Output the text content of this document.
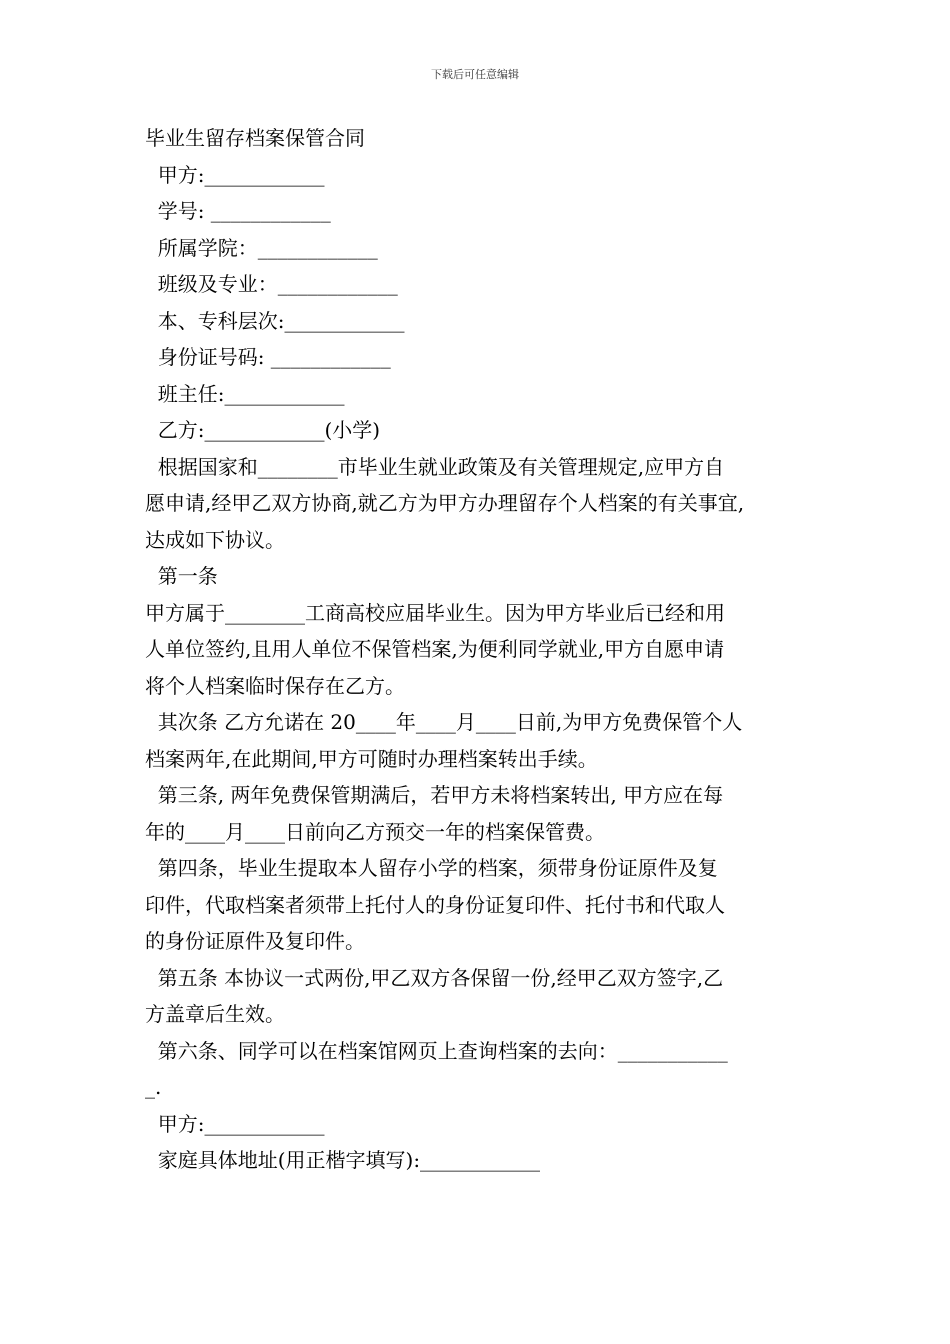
下载后可任意编辑
毕业生留存档案保管合同
甲方:____________
学号: ____________
所属学院：____________
班级及专业：____________
本、专科层次:____________
身份证号码: ____________
班主任:____________
乙方:____________(小学)
根据国家和________市毕业生就业政策及有关管理规定,应甲方自
愿申请,经甲乙双方协商,就乙方为甲方办理留存个人档案的有关事宜,
达成如下协议。
第一条
甲方属于________工商高校应届毕业生。因为甲方毕业后已经和用
人单位签约,且用人单位不保管档案,为便利同学就业,甲方自愿申请
将个人档案临时保存在乙方。
其次条 乙方允诺在 20____年____月____日前,为甲方免费保管个人
档案两年,在此期间,甲方可随时办理档案转出手续。
第三条, 两年免费保管期满后，若甲方未将档案转出, 甲方应在每
年的____月____日前向乙方预交一年的档案保管费。
第四条，毕业生提取本人留存小学的档案，须带身份证原件及复
印件，代取档案者须带上托付人的身份证复印件、托付书和代取人
的身份证原件及复印件。
第五条 本协议一式两份,甲乙双方各保留一份,经甲乙双方签字,乙
方盖章后生效。
第六条、同学可以在档案馆网页上查询档案的去向：___________
_.
甲方:____________
家庭具体地址(用正楷字填写):____________
